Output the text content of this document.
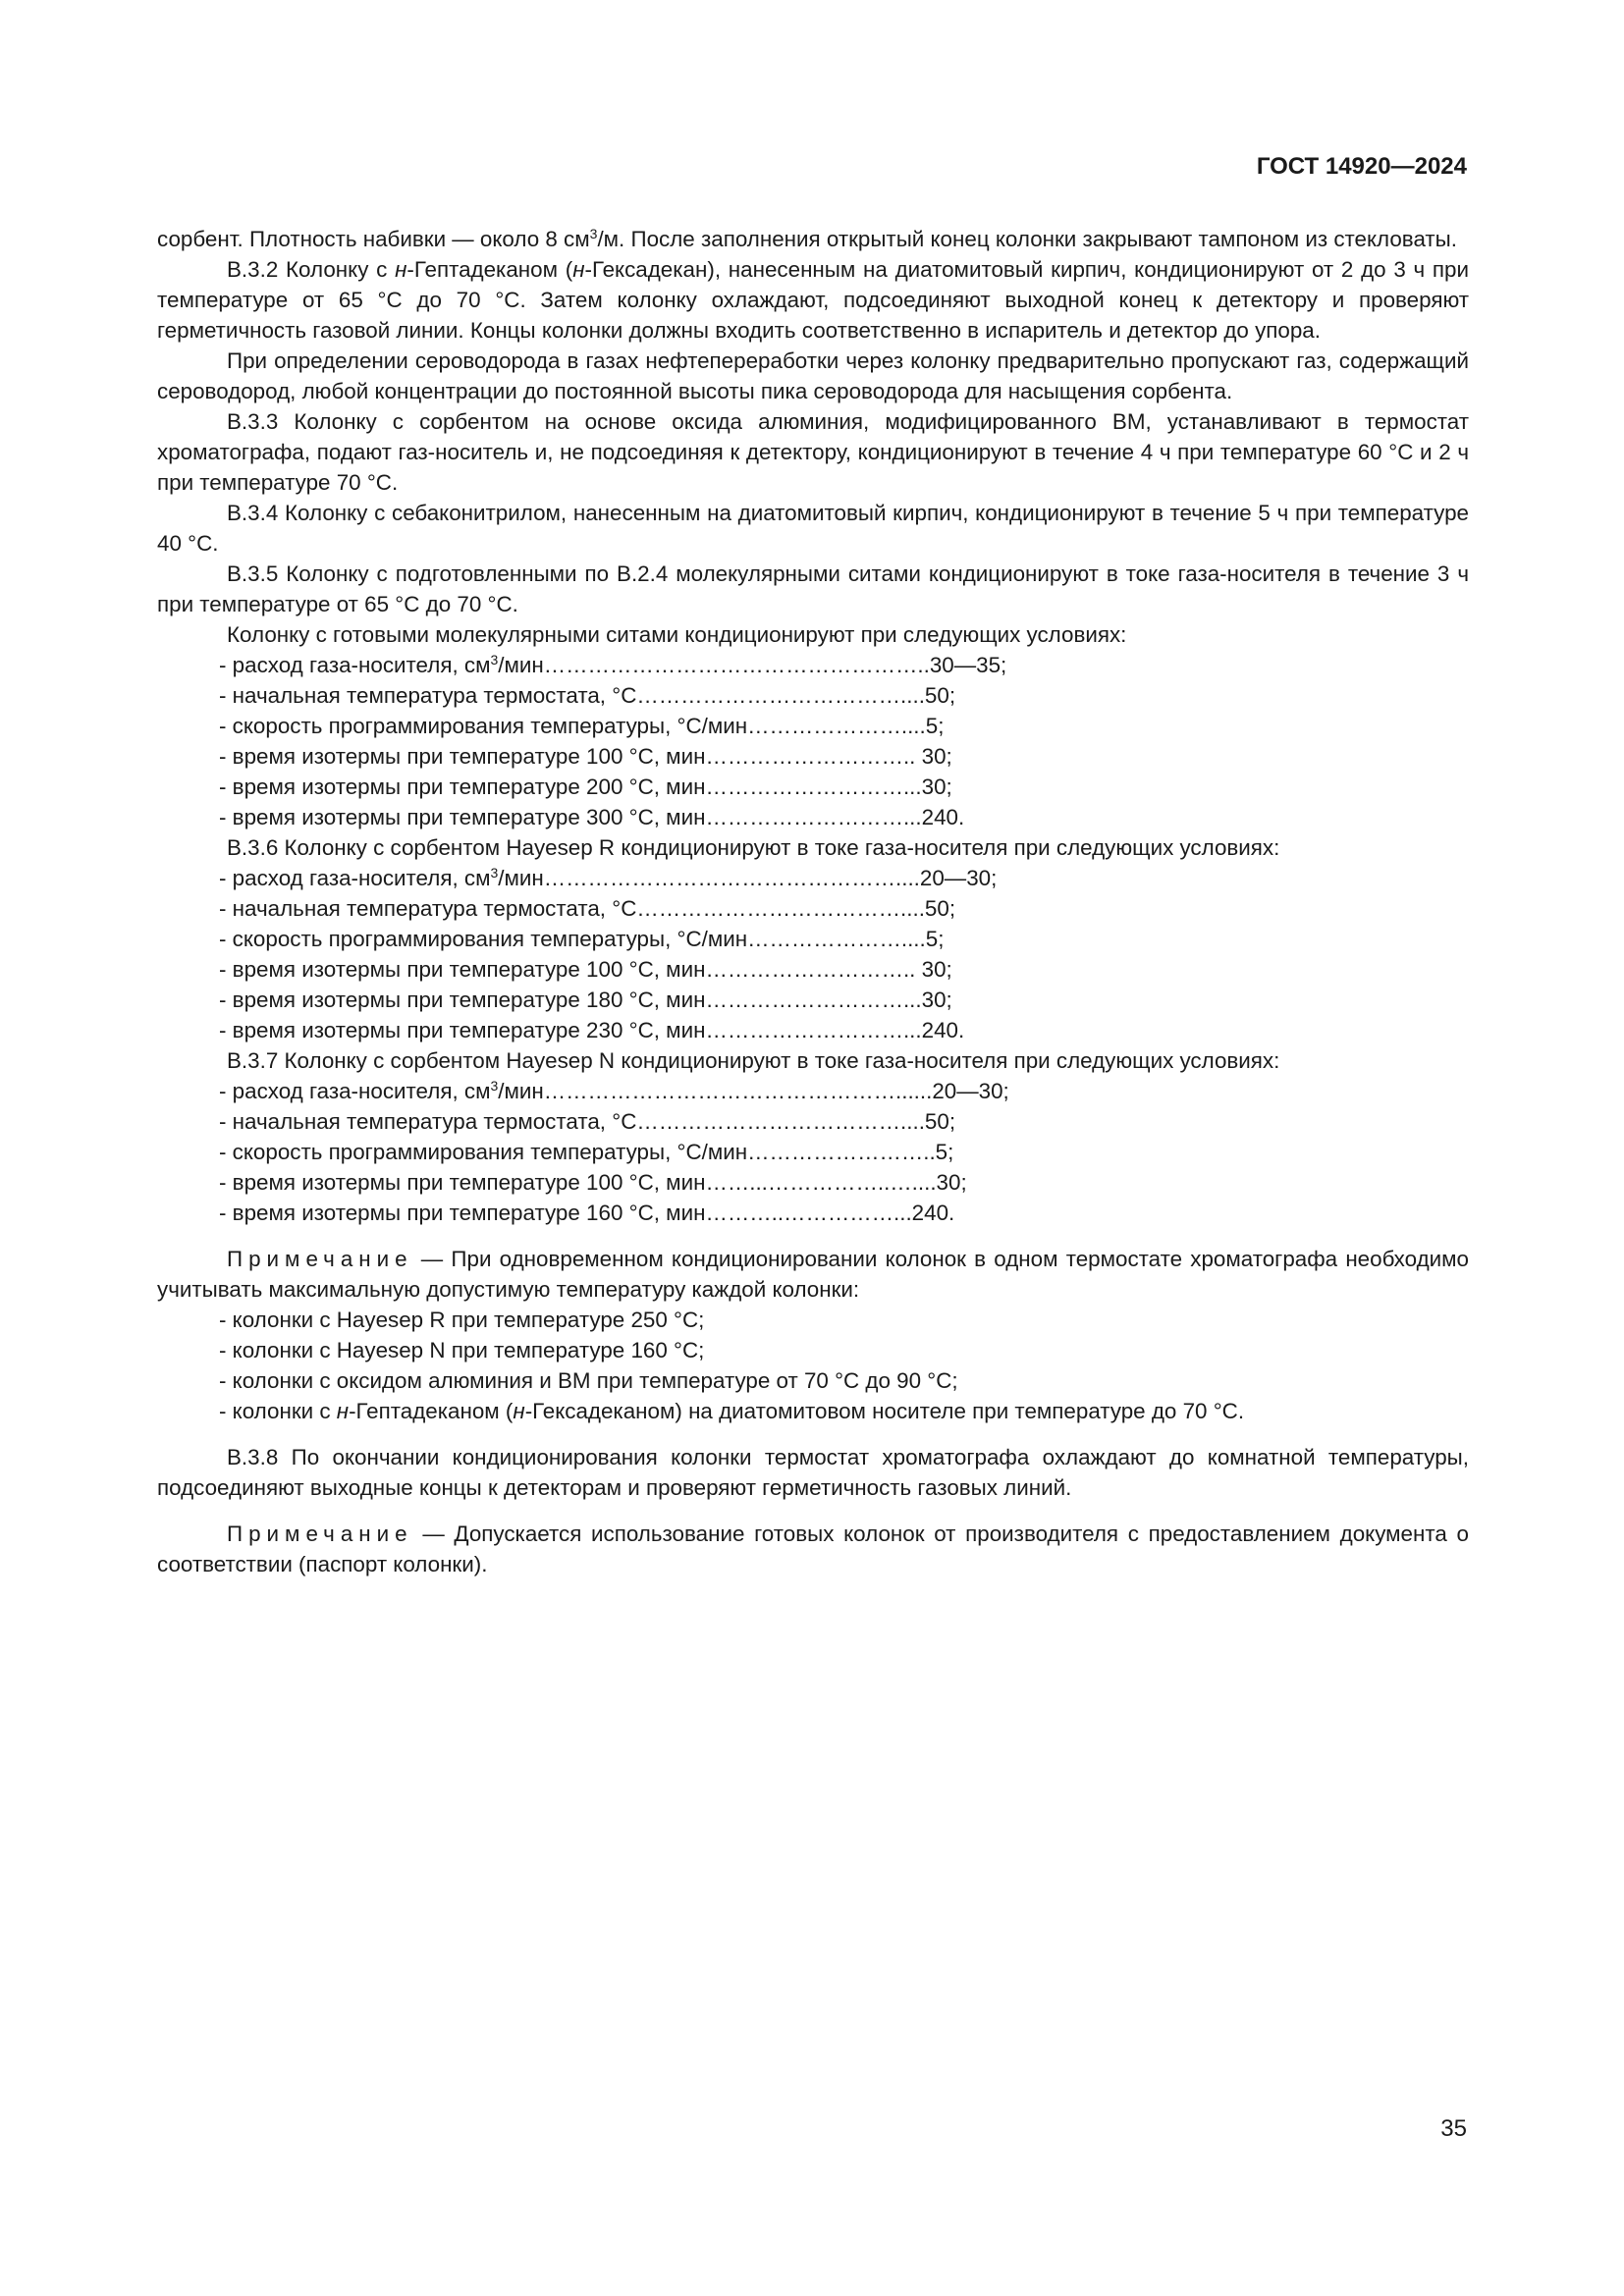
ГОСТ 14920—2024

сорбент. Плотность набивки — около 8 $см^3/м$. После заполнения открытый конец колонки закрывают тампоном из стекловаты.

В.3.2 Колонку с н-Гептадеканом (н-Гексадекан), нанесенным на диатомитовый кирпич, кондиционируют от 2 до 3 ч при температуре от 65 °С до 70 °С. Затем колонку охлаждают, подсоединяют выходной конец к детектору и проверяют герметичность газовой линии. Концы колонки должны входить соответственно в испаритель и детектор до упора.

При определении сероводорода в газах нефтепереработки через колонку предварительно пропускают газ, содержащий сероводород, любой концентрации до постоянной высоты пика сероводорода для насыщения сорбента.

В.3.3 Колонку с сорбентом на основе оксида алюминия, модифицированного ВМ, устанавливают в термостат хроматографа, подают газ-носитель и, не подсоединяя к детектору, кондиционируют в течение 4 ч при температуре 60 °С и 2 ч при температуре 70 °С.

В.3.4 Колонку с себаконитрилом, нанесенным на диатомитовый кирпич, кондиционируют в течение 5 ч при температуре 40 °С.

В.3.5 Колонку с подготовленными по В.2.4 молекулярными ситами кондиционируют в токе газа-носителя в течение 3 ч при температуре от 65 °С до 70 °С.

Колонку с готовыми молекулярными ситами кондиционируют при следующих условиях:

- расход газа-носителя, $см^3/мин\dots\dots\dots\dots\dots\dots\dots\dots\dots\dots\dots\dots\dots\dots\dots\dots\dots..30—35$;

- начальная температура термостата, °С………………………………....50;

- скорость программирования температуры, °С/мин…………………....5;

- время изотермы при температуре 100 °С, мин……………………….. 30;

- время изотермы при температуре 200 °С, мин………………………...30;

- время изотермы при температуре 300 °С, мин………………………...240.

В.3.6 Колонку с сорбентом Hayesep R кондиционируют в токе газа-носителя при следующих условиях:

- расход газа-носителя, $см^3/мин\dots\dots\dots\dots\dots\dots\dots\dots\dots\dots\dots\dots\dots\dots\dots\dots....20—30$;

- начальная температура термостата, °С………………………………....50;

- скорость программирования температуры, °С/мин…………………....5;

- время изотермы при температуре 100 °С, мин……………………….. 30;

- время изотермы при температуре 180 °С, мин………………………...30;

- время изотермы при температуре 230 °С, мин………………………...240.

В.3.7 Колонку с сорбентом Hayesep N кондиционируют в токе газа-носителя при следующих условиях:

- расход газа-носителя, $см^3/мин\dots\dots\dots\dots\dots\dots\dots\dots\dots\dots\dots\dots\dots\dots\dots\dots......20—30$;

- начальная температура термостата, °С………………………………....50;

- скорость программирования температуры, °С/мин……………………..5;

- время изотермы при температуре 100 °С, мин……...……………..…....30;

- время изотермы при температуре 160 °С, мин………..……………...240.

Примечание — При одновременном кондиционировании колонок в одном термостате хроматографа необходимо учитывать максимальную допустимую температуру каждой колонки:

- колонки с Hayesep R при температуре 250 °С;

- колонки с Hayesep N при температуре 160 °С;

- колонки с оксидом алюминия и ВМ при температуре от 70 °С до 90 °С;

- колонки с н-Гептадеканом (н-Гексадеканом) на диатомитовом носителе при температуре до 70 °С.

В.3.8 По окончании кондиционирования колонки термостат хроматографа охлаждают до комнатной температуры, подсоединяют выходные концы к детекторам и проверяют герметичность газовых линий.

Примечание — Допускается использование готовых колонок от производителя с предоставлением документа о соответствии (паспорт колонки).

35
